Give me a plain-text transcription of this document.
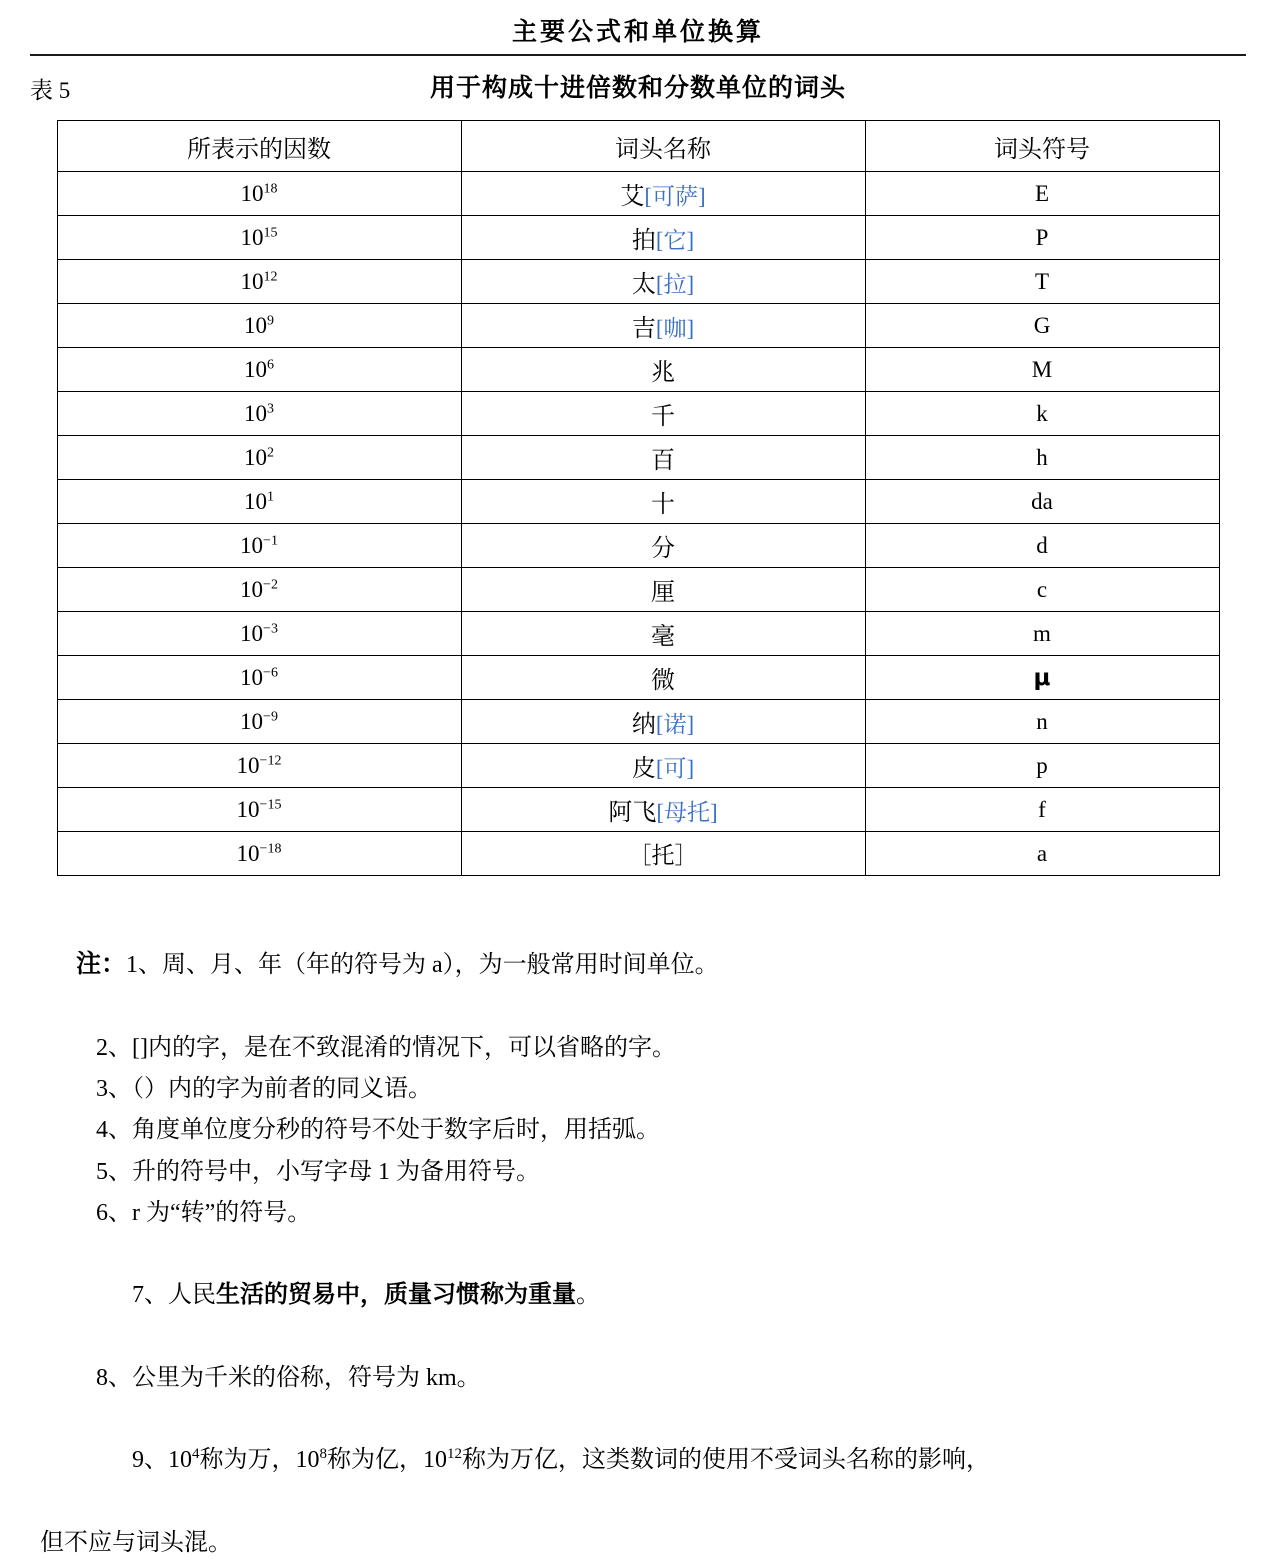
主要公式和单位换算
表 5	用于构成十进倍数和分数单位的词头
所表示的因数	词头名称	词头符号
$10^{18}$	艾[可萨]	E
$10^{15}$	拍[它]	P
$10^{12}$	太[拉]	T
$10^9$	吉[咖]	G
$10^6$	兆	M
$10^3$	千	k
$10^2$	百	h
$10^1$	十	da
$10^{-1}$	分	d
$10^{-2}$	厘	c
$10^{-3}$	毫	m
$10^{-6}$	微	μ
$10^{-9}$	纳[诺]	n
$10^{-12}$	皮[可]	p
$10^{-15}$	阿飞[母托]	f
$10^{-18}$	［托］	a

注：1、周、月、年（年的符号为 a），为一般常用时间单位。

2、[]内的字，是在不致混淆的情况下，可以省略的字。
3、（）内的字为前者的同义语。
4、角度单位度分秒的符号不处于数字后时，用括弧。
5、升的符号中，小写字母 1 为备用符号。
6、r 为“转”的符号。

7、人民生活的贸易中，质量习惯称为重量。

8、公里为千米的俗称，符号为 km。

9、$10^4$称为万，$10^8$称为亿，$10^{12}$称为万亿，这类数词的使用不受词头名称的影响，

但不应与词头混。
